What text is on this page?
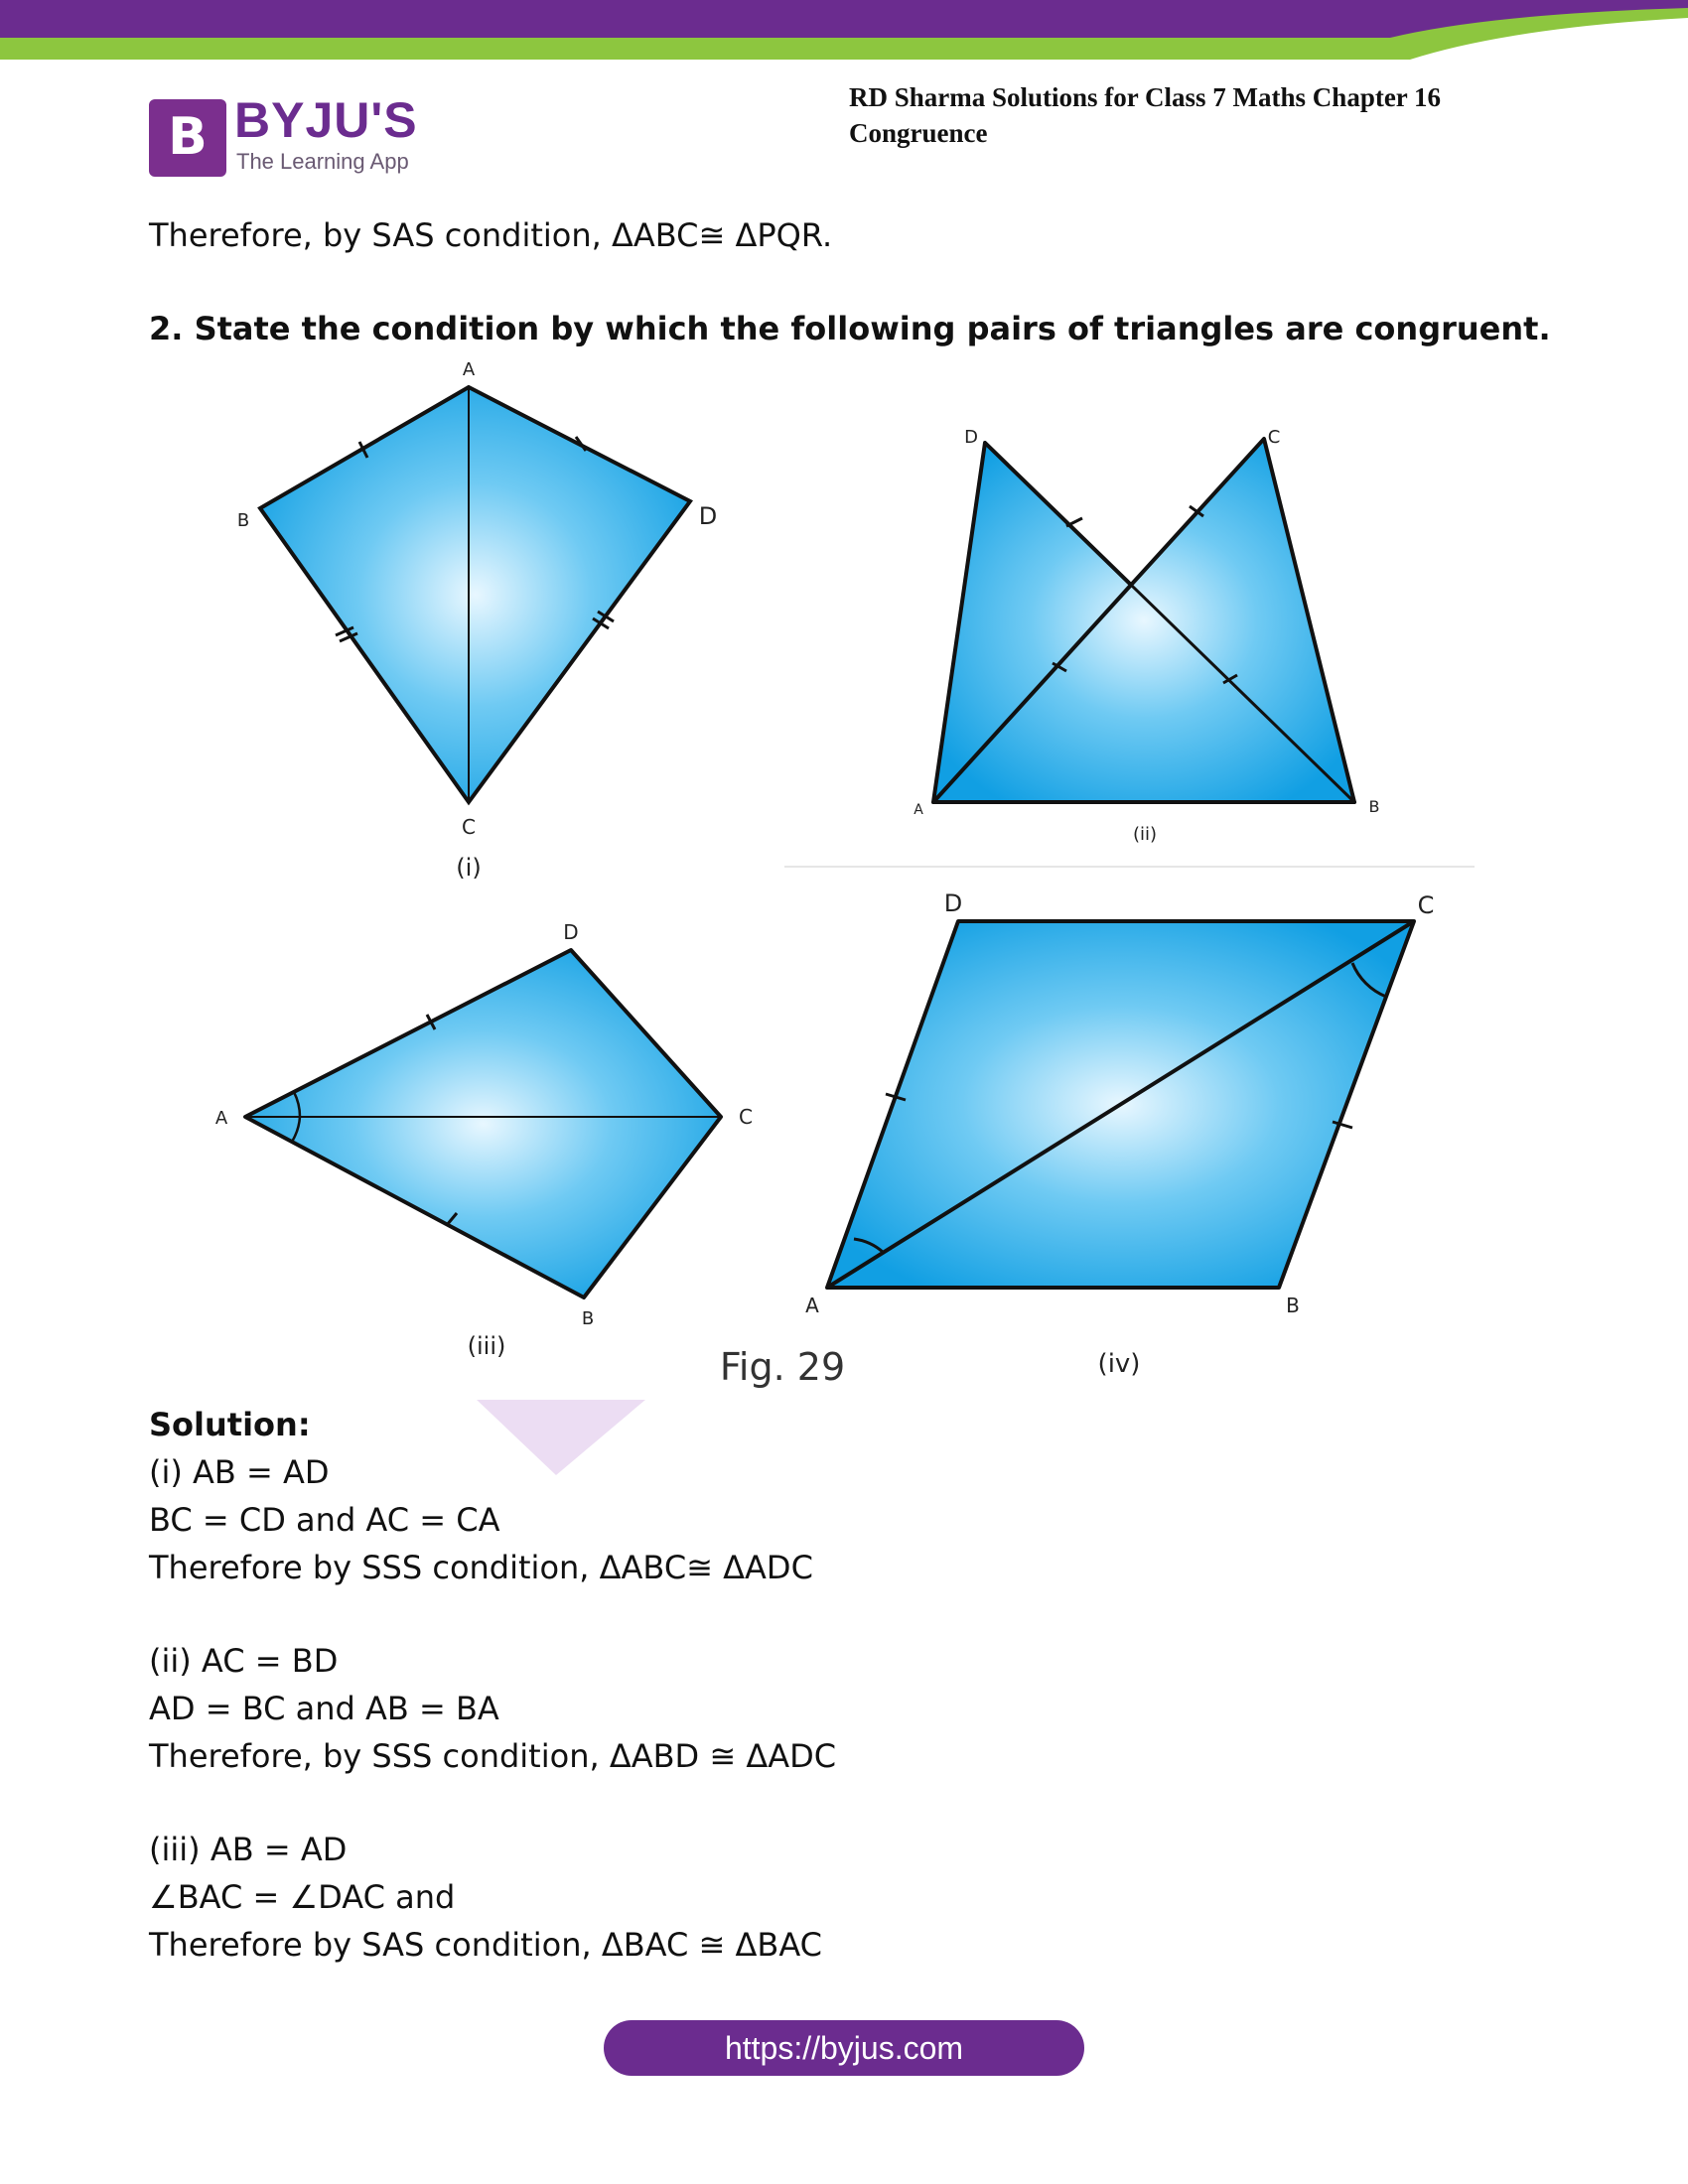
B BYJU'S
The Learning App
RD Sharma Solutions for Class 7 Maths Chapter 16
Congruence
Therefore, by SAS condition, ΔABC≅ ΔPQR.
2. State the condition by which the following pairs of triangles are congruent.
A
B
C
D
(i)
D	C
A	B
(ii)
A
D
C
B
(iii)
D	C
A	B
(iv)
Fig. 29
Solution:
(i) AB = AD
BC = CD and AC = CA
Therefore by SSS condition, ΔABC≅ ΔADC
(ii) AC = BD
AD = BC and AB = BA
Therefore, by SSS condition, ΔABD ≅ ΔADC
(iii) AB = AD
∠BAC = ∠DAC and
Therefore by SAS condition, ΔBAC ≅ ΔBAC
https://byjus.com
